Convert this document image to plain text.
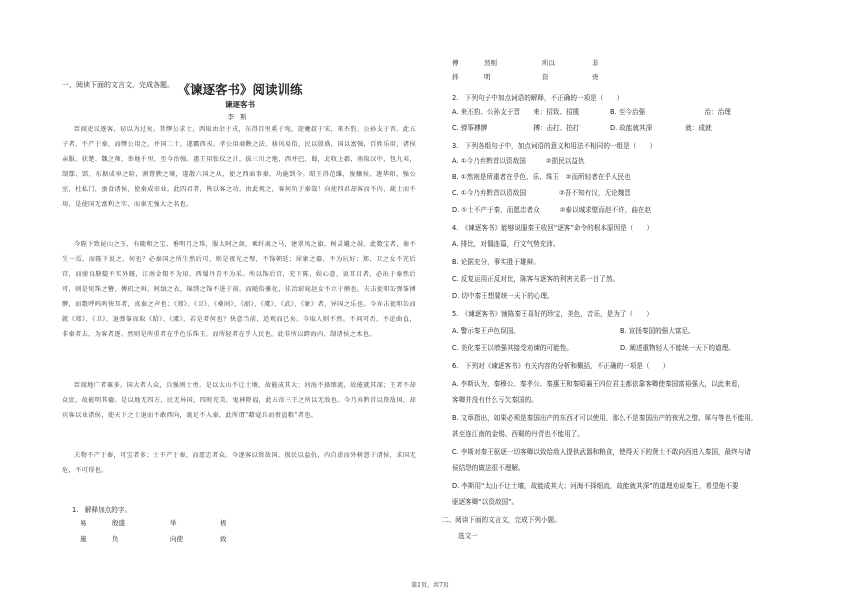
《谏逐客书》阅读训练
一、阅读下面的文言文，完成各题。
谏逐客书
李斯
臣闻吏议逐客，窃以为过矣。昔缪公求士，西取由余于戎，东得百里奚于宛，迎蹇叔于宋，来丕豹、公孙支于晋。此五子者，不产于秦，而缪公用之，并国二十，遂霸西戎。孝公用商鞅之法，移风易俗，民以殷盛，国以富强，百姓乐用，诸侯亲服，获楚、魏之师，举地千里，至今治强。惠王用张仪之计，拔三川之地，西并巴、蜀，北收上郡，南取汉中，包九夷，制鄢、郢，东据成皋之险，割膏腴之壤，遂散六国之从，使之西面事秦，功施到今。昭王得范雎，废穰侯，逐华阳，强公室，杜私门，蚕食诸侯，使秦成帝业。此四君者，皆以客之功。由此观之，客何负于秦哉！向使四君却客而不内，疏士而不用，是使国无富利之实，而秦无强大之名也。
今陛下致昆山之玉，有随和之宝，垂明月之珠，服太阿之剑，乘纤离之马，建翠凤之旗，树灵鼍之鼓。此数宝者，秦不生一焉，而陛下说之，何也？必秦国之所生然后可，则是夜光之璧，不饰朝廷；犀象之器，不为玩好；郑、卫之女不充后宫，而骏良駃騠不实外厩，江南金锡不为用，西蜀丹青不为采。所以饰后宫，充下陈，娱心意，说耳目者，必出于秦然后可，则是宛珠之簪，傅玑之珥，阿缟之衣，锦绣之饰不进于前，而随俗雅化，佳冶窈窕赵女不立于侧也。夫击瓮叩缶弹筝搏髀，而歌呼呜呜快耳者，真秦之声也；《郑》、《卫》、《桑间》，《韶》、《虞》、《武》、《象》者，异国之乐也。今弃击瓮叩缶而就《郑》、《卫》，退弹筝而取《昭》、《虞》，若是者何也？快意当前，适观而已矣。今取人则不然。不问可否，不论曲直，非秦者去，为客者逐。然则是所重者在乎色乐珠玉，而所轻者在乎人民也。此非所以跨海内、制诸侯之术也。
臣闻地广者粟多，国大者人众，兵强则士勇。是以太山不让土壤，故能成其大；河海不择细流，故能就其深；王者不却众庶，故能明其德。是以地无四方，民无异国，四时充美，鬼神降福，此五帝三王之所以无敌也。今乃弃黔首以资敌国，却宾客以业诸侯，使天下之士退而不敢西向，裹足不入秦，此所谓“藉寇兵而赍盗粮”者也。
夫物不产于秦，可宝者多；士不产于秦，而愿忠者众。今逐客以资敌国，损民以益仇，内自虚而外树怨于诸侯，求国无危，不可得也。
1.　解释加点的字。
易	殷盛	举	极
施	负	向使	致
傅	然则	所以	非
择	明	资	赍
2.　下列句子中加点词语的解释，不正确的一项是（　　）
A. 来丕豹、公孙支于晋　　来：招致、招揽	B. 至今治强　　　　　　　　　治：治理
C. 弹筝搏髀　　　　　　　搏：击打、拍打	D. 故能就其深　　　　　就：成就
3.　下列各组句子中，加点词语的意义和用法不相同的一组是（　　）
A. ①今乃弃黔首以资敌国　　　②损民以益仇
B. ①然则是所重者在乎色、乐、珠玉　②而所轻者在乎人民也
C. ①今乃弃黔首以资敌国　　　　　②吾不知有汉，无论魏晋
D. ①士不产于秦，而愿忠者众　　　②泰以城求壁而赵不许，曲在赵
4.　《谏逐客书》能够说服秦王收回“逐客”命令的根本原因是（　　）
A. 排比，对偶连篇，行文气势充沛。
B. 论据充分，事实胜于雄辩。
C. 反复运用正反对比，陈客与逐客的利害关系一目了然。
D. 切中秦王想要统一天下的心理。
5.　《谏逐客书》铺陈秦王喜好的珍宝，美色，音乐，是为了（　　）
A. 警示秦王声色误国。	B. 宣扬秦国的强大富足。
C. 美化秦王以增强其接受劝谏的可能性。	D. 阐述重物轻人不能统一天下的道理。
6.　下列对《谏逐客书》有关内容的分析和概括，不正确的一项是（　　）
A. 李斯认为，秦穆公、秦孝公、秦惠王和秦昭襄王四位君主都依靠客卿使秦国富裕强大，以此来看，
客卿并没有什么亏欠秦国的。
B. 文章指出，如果必须是秦国出产的东西才可以使用，那么不是秦国出产的夜光之璧、犀与等也不能用，
甚至连江南的金锡、西蜀的丹青也不能用了。
C. 李斯对秦王驱逐一切客卿以致给敌人提供武器和粮食，使得天下的贤士不敢向西进入秦国，最终与诸
侯结怨的做法很不理解。
D. 李斯用“太山不让土壤，故能成其大；河海不择细流，故能就其深”的道理劝说秦王，希望他不要
驱逐客卿“以资敌国”。
二、阅读下面的文言文，完成下列小题。
选文一
第1页，共7页
